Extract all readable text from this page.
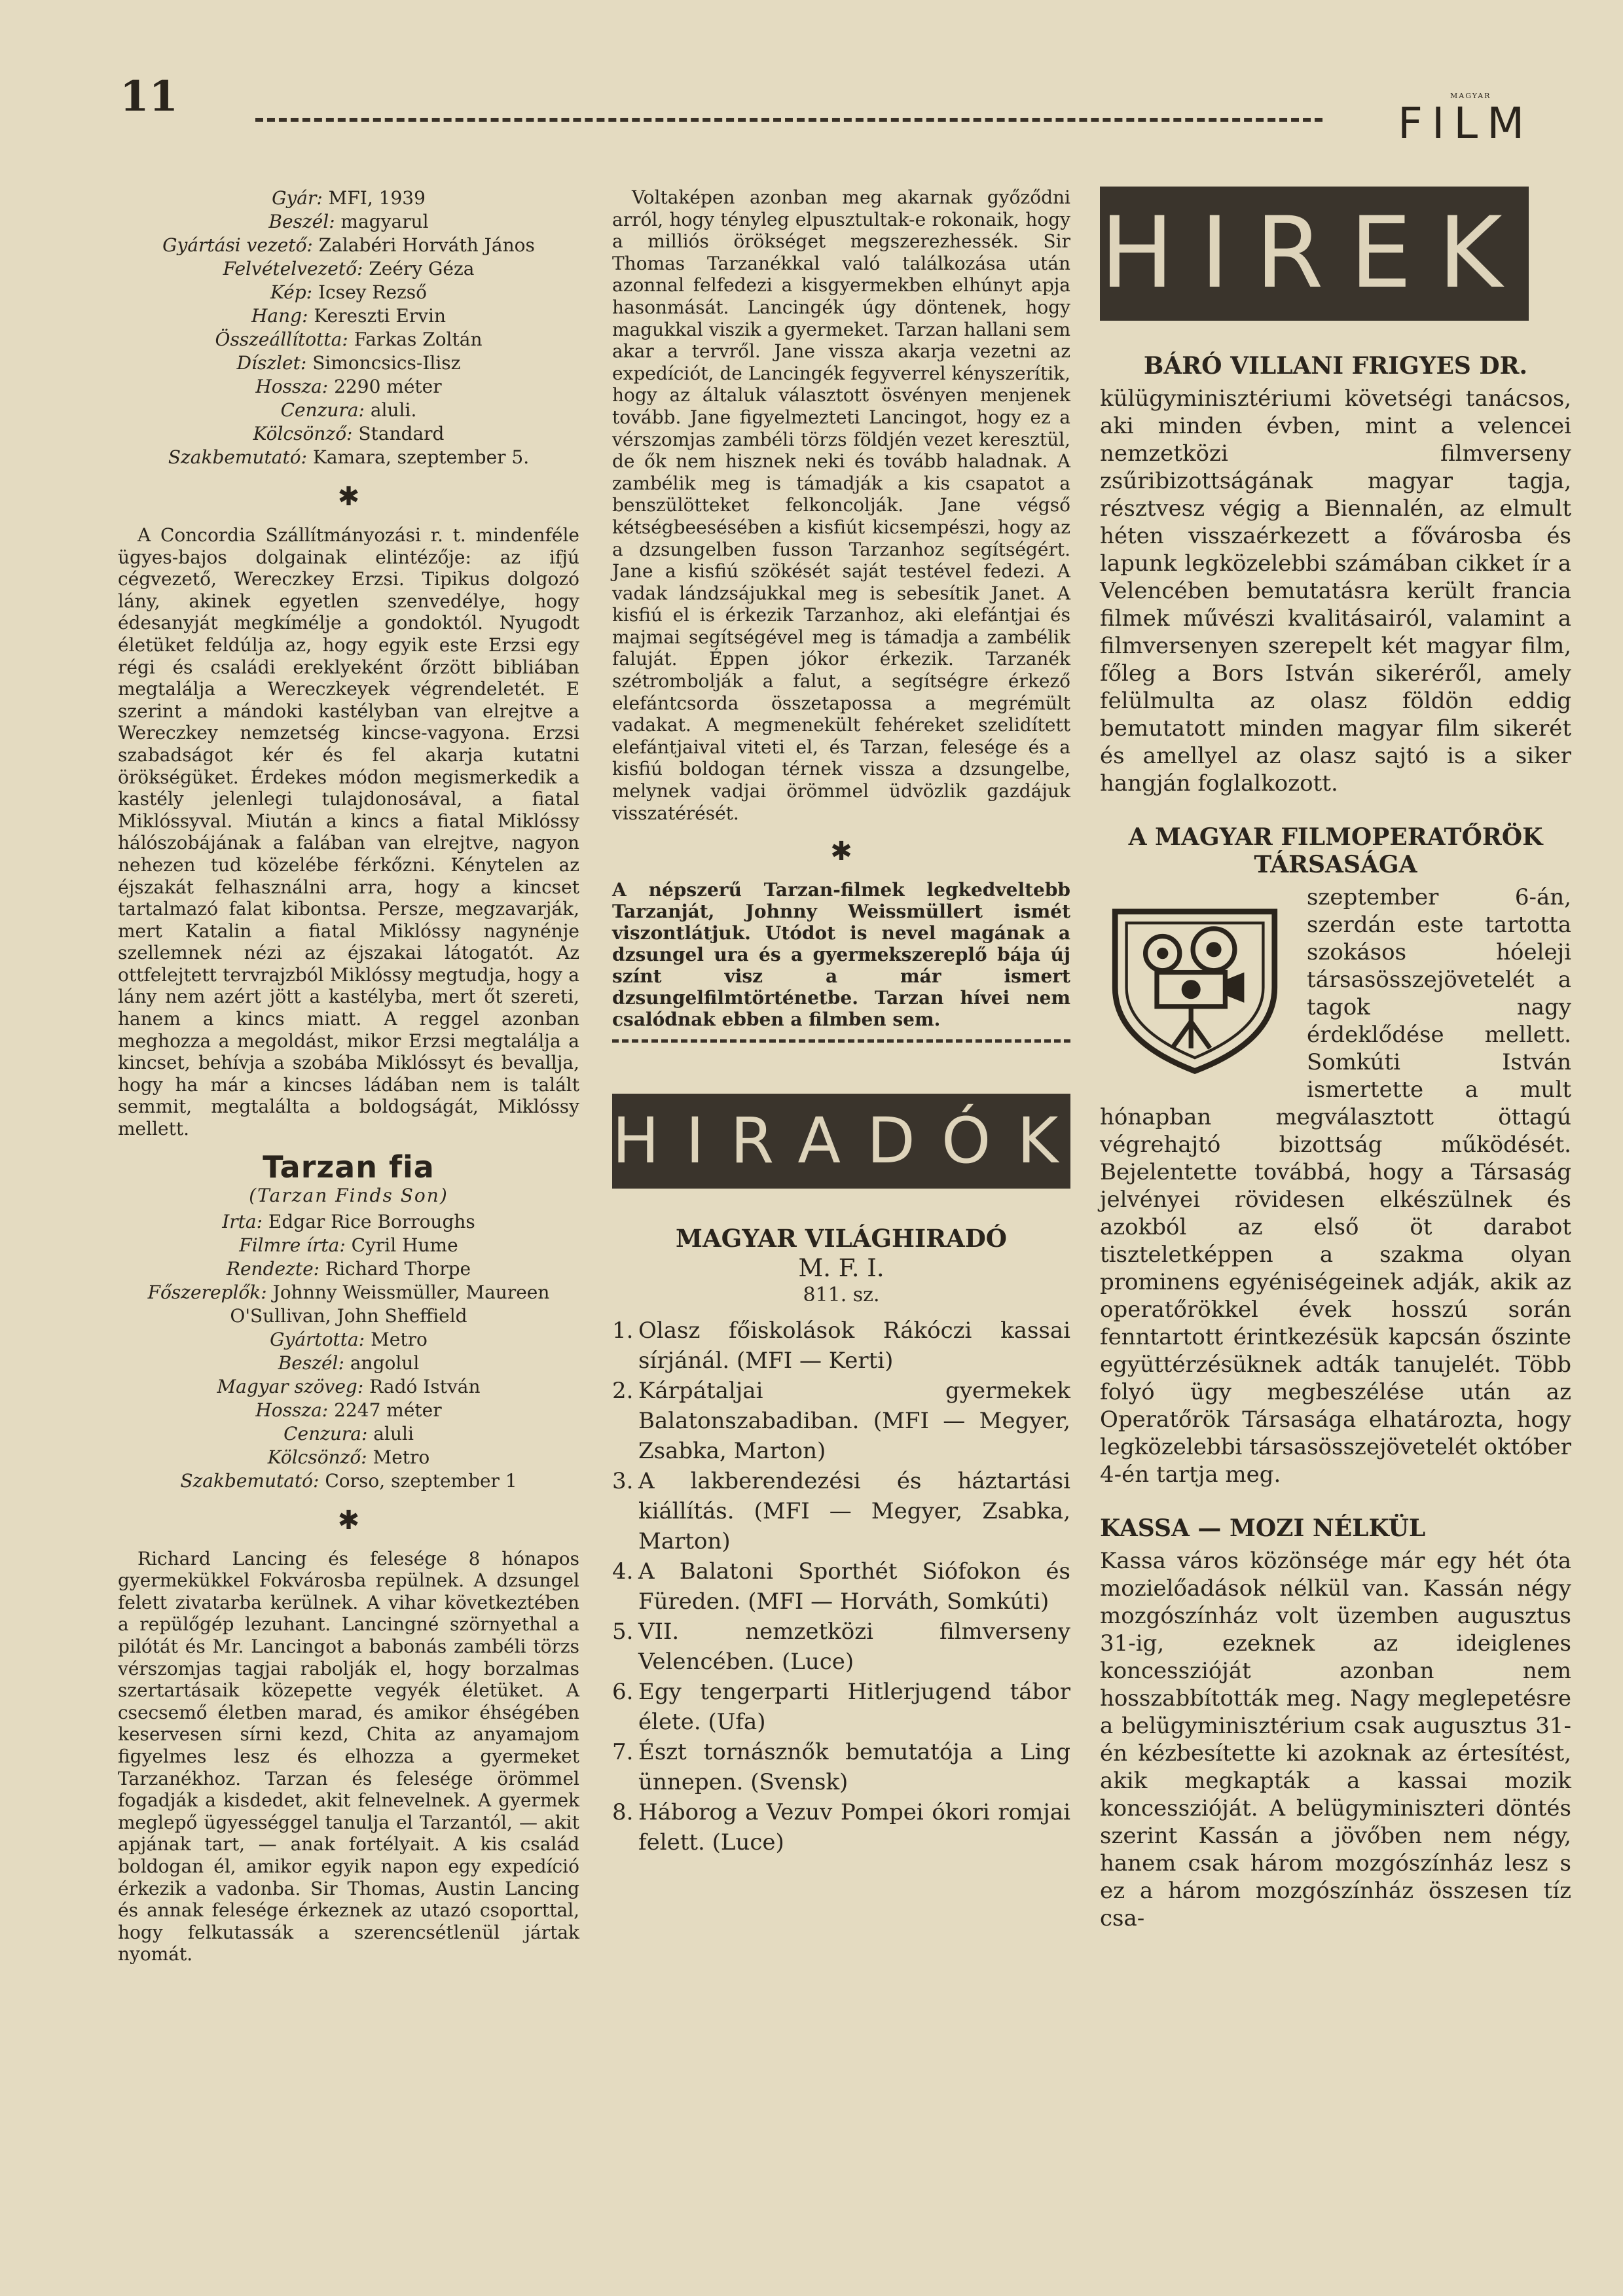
11	MAGYAR
FILM
Gyár: MFI, 1939
Beszél: magyarul
Gyártási vezető: Zalabéri Horváth János
Felvételvezető: Zeéry Géza
Kép: Icsey Rezső
Hang: Kereszti Ervin
Összeállította: Farkas Zoltán
Díszlet: Simoncsics-Ilisz
Hossza: 2290 méter
Cenzura: aluli.
Kölcsönző: Standard
Szakbemutató: Kamara, szeptember 5.
✱

A Concordia Szállítmányozási r. t. mindenféle ügyes-bajos dolgainak elintézője: az ifjú cégvezető, Wereczkey Erzsi. Tipikus dolgozó lány, akinek egyetlen szenvedélye, hogy édesanyját megkímélje a gondoktól. Nyugodt életüket feldúlja az, hogy egyik este Erzsi egy régi és családi ereklyeként őrzött bibliában megtalálja a Wereczkeyek végrendeletét. E szerint a mándoki kastélyban van elrejtve a Wereczkey nemzetség kincse-vagyona. Erzsi szabadságot kér és fel akarja kutatni örökségüket. Érdekes módon megismerkedik a kastély jelenlegi tulajdonosával, a fiatal Miklóssyval. Miután a kincs a fiatal Miklóssy hálószobájának a falában van elrejtve, nagyon nehezen tud közelébe férkőzni. Kénytelen az éjszakát felhasználni arra, hogy a kincset tartalmazó falat kibontsa. Persze, megzavarják, mert Katalin a fiatal Miklóssy nagynénje szellemnek nézi az éjszakai látogatót. Az ottfelejtett tervrajzból Miklóssy megtudja, hogy a lány nem azért jött a kastélyba, mert őt szereti, hanem a kincs miatt. A reggel azonban meghozza a megoldást, mikor Erzsi megtalálja a kincset, behívja a szobába Miklóssyt és bevallja, hogy ha már a kincses ládában nem is talált semmit, megtalálta a boldogságát, Miklóssy mellett.

Tarzan fia
(Tarzan Finds Son)
Irta: Edgar Rice Borroughs
Filmre írta: Cyril Hume
Rendezte: Richard Thorpe
Főszereplők: Johnny Weissmüller, Maureen O'Sullivan, John Sheffield
Gyártotta: Metro
Beszél: angolul
Magyar szöveg: Radó István
Hossza: 2247 méter
Cenzura: aluli
Kölcsönző: Metro
Szakbemutató: Corso, szeptember 1
✱

Richard Lancing és felesége 8 hónapos gyermekükkel Fokvárosba repülnek. A dzsungel felett zivatarba kerülnek. A vihar következtében a repülőgép lezuhant. Lancingné szörnyethal a pilótát és Mr. Lancingot a babonás zambéli törzs vérszomjas tagjai rabolják el, hogy borzalmas szertartásaik közepette vegyék életüket. A csecsemő életben marad, és amikor éhségében keservesen sírni kezd, Chita az anyamajom figyelmes lesz és elhozza a gyermeket Tarzanékhoz. Tarzan és felesége örömmel fogadják a kisdedet, akit felnevelnek. A gyermek meglepő ügyességgel tanulja el Tarzantól, — akit apjának tart, — anak fortélyait. A kis család boldogan él, amikor egyik napon egy expedíció érkezik a vadonba. Sir Thomas, Austin Lancing és annak felesége érkeznek az utazó csoporttal, hogy felkutassák a szerencsétlenül jártak nyomát.

Voltaképen azonban meg akarnak győződni arról, hogy tényleg elpusztultak-e rokonaik, hogy a milliós örökséget megszerezhessék. Sir Thomas Tarzanékkal való találkozása után azonnal felfedezi a kisgyermekben elhúnyt apja hasonmását. Lancingék úgy döntenek, hogy magukkal viszik a gyermeket. Tarzan hallani sem akar a tervről. Jane vissza akarja vezetni az expedíciót, de Lancingék fegyverrel kényszerítik, hogy az általuk választott ösvényen menjenek tovább. Jane figyelmezteti Lancingot, hogy ez a vérszomjas zambéli törzs földjén vezet keresztül, de ők nem hisznek neki és tovább haladnak. A zambélik meg is támadják a kis csapatot a benszülötteket felkoncolják. Jane végső kétségbeesésében a kisfiút kicsempészi, hogy az a dzsungelben fusson Tarzanhoz segítségért. Jane a kisfiú szökését saját testével fedezi. A vadak lándzsájukkal meg is sebesítik Janet. A kisfiú el is érkezik Tarzanhoz, aki elefántjai és majmai segítségével meg is támadja a zambélik faluját. Éppen jókor érkezik. Tarzanék szétrombolják a falut, a segítségre érkező elefántcsorda összetapossa a megrémült vadakat. A megmenekült fehéreket szelidített elefántjaival viteti el, és Tarzan, felesége és a kisfiú boldogan térnek vissza a dzsungelbe, melynek vadjai örömmel üdvözlik gazdájuk visszatérését.

✱

A népszerű Tarzan-filmek legkedveltebb Tarzanját, Johnny Weissmüllert ismét viszontlátjuk. Utódot is nevel magának a dzsungel ura és a gyermekszereplő bája új színt visz a már ismert dzsungelfilmtörténetbe. Tarzan hívei nem csalódnak ebben a filmben sem.

HIRADÓK
MAGYAR VILÁGHIRADÓ
M. F. I.
811. sz.
1. Olasz főiskolások Rákóczi kassai sírjánál. (MFI — Kerti)
2. Kárpátaljai gyermekek Balatonszabadiban. (MFI — Megyer, Zsabka, Marton)
3. A lakberendezési és háztartási kiállítás. (MFI — Megyer, Zsabka, Marton)
4. A Balatoni Sporthét Siófokon és Füreden. (MFI — Horváth, Somkúti)
5. VII. nemzetközi filmverseny Velencében. (Luce)
6. Egy tengerparti Hitlerjugend tábor élete. (Ufa)
7. Észt tornásznők bemutatója a Ling ünnepen. (Svensk)
8. Háborog a Vezuv Pompei ókori romjai felett. (Luce)
HIREK
BÁRÓ VILLANI FRIGYES DR.

külügyminisztériumi követségi tanácsos, aki minden évben, mint a velencei nemzetközi filmverseny zsűribizottságának magyar tagja, résztvesz végig a Biennalén, az elmult héten visszaérkezett a fővárosba és lapunk legközelebbi számában cikket ír a Velencében bemutatásra került francia filmek művészi kvalitásairól, valamint a filmversenyen szerepelt két magyar film, főleg a Bors István sikeréről, amely felülmulta az olasz földön eddig bemutatott minden magyar film sikerét és amellyel az olasz sajtó is a siker hangján foglalkozott.

A MAGYAR FILMOPERATŐRÖK TÁRSASÁGA

szeptember 6-án, szerdán este tartotta szokásos hóeleji társasösszejövetelét a tagok nagy érdeklődése mellett. Somkúti István ismertette a mult hónapban megválasztott öttagú végrehajtó bizottság működését. Bejelentette továbbá, hogy a Társaság jelvényei rövidesen elkészülnek és azokból az első öt darabot tiszteletképpen a szakma olyan prominens egyéniségeinek adják, akik az operatőrökkel évek hosszú során fenntartott érintkezésük kapcsán őszinte együttérzésüknek adták tanujelét. Több folyó ügy megbeszélése után az Operatőrök Társasága elhatározta, hogy legközelebbi társasösszejövetelét október 4-én tartja meg.

KASSA — MOZI NÉLKÜL

Kassa város közönsége már egy hét óta mozielőadások nélkül van. Kassán négy mozgószínház volt üzemben augusztus 31-ig, ezeknek az ideiglenes koncesszióját azonban nem hosszabbították meg. Nagy meglepetésre a belügyminisztérium csak augusztus 31-én kézbesítette ki azoknak az értesítést, akik megkapták a kassai mozik koncesszióját. A belügyminiszteri döntés szerint Kassán a jövőben nem négy, hanem csak három mozgószínház lesz s ez a három mozgószínház összesen tíz csa-
